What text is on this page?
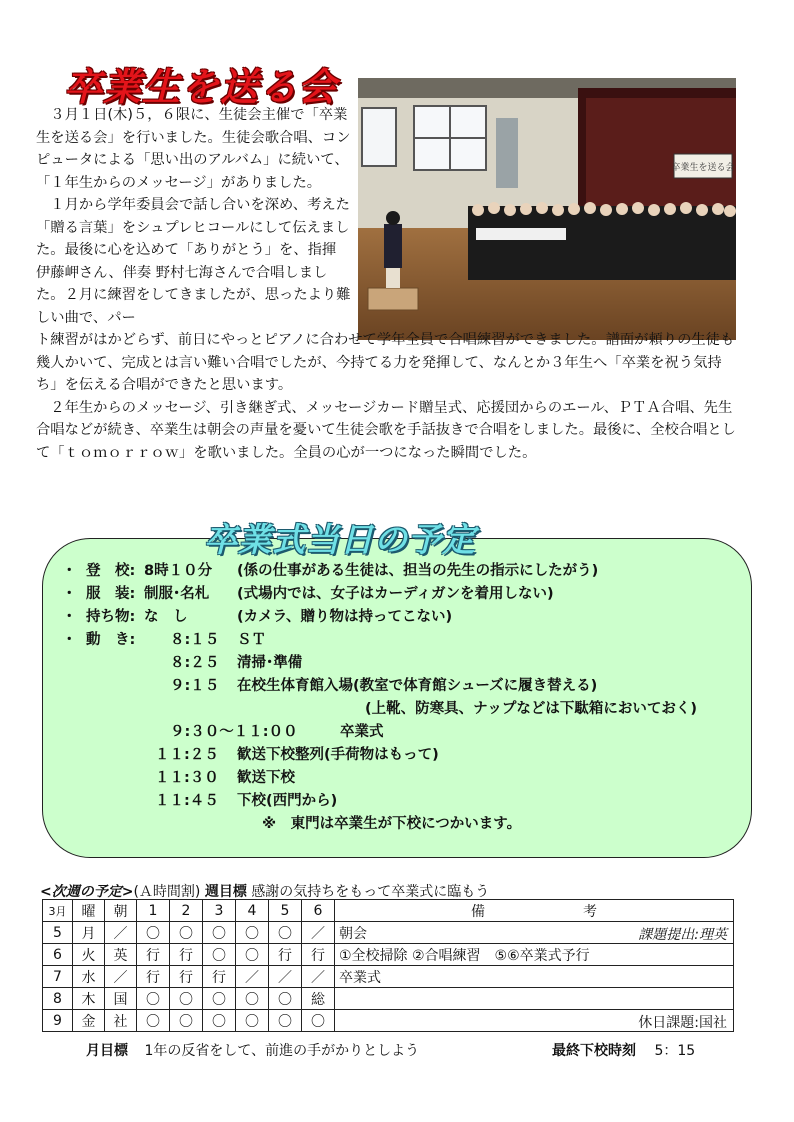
卒業生を送る会
卒業生を送る会

　３月１日(木)５，６限に、生徒会主催で「卒業生を送る会」を行いました。生徒会歌合唱、コンピュータによる「思い出のアルバム」に続いて、「１年生からのメッセージ」がありました。

　１月から学年委員会で話し合いを深め、考えた「贈る言葉」をシュプレヒコールにして伝えました。最後に心を込めて「ありがとう」を、指揮 伊藤岬さん、伴奏 野村七海さんで合唱しました。２月に練習をしてきましたが、思ったより難しい曲で、パー

ト練習がはかどらず、前日にやっとピアノに合わせて学年全員で合唱練習ができました。譜面が頼りの生徒も幾人かいて、完成とは言い難い合唱でしたが、今持てる力を発揮して、なんとか３年生へ「卒業を祝う気持ち」を伝える合唱ができたと思います。

　２年生からのメッセージ、引き継ぎ式、メッセージカード贈呈式、応援団からのエール、ＰＴＡ合唱、先生合唱などが続き、卒業生は朝会の声量を憂いて生徒会歌を手話抜きで合唱をしました。最後に、全校合唱として「ｔｏｍｏｒｒｏｗ」を歌いました。全員の心が一つになった瞬間でした。

卒業式当日の予定
・ 登　校: 8時１０分 (係の仕事がある生徒は、担当の先生の指示にしたがう)
・ 服　装: 制服･名札 (式場内では、女子はカーディガンを着用しない)
・ 持ち物: な　し	(カメラ、贈り物は持ってこない)
・ 動　き: ８:１５ ＳＴ
８:２５ 清掃･準備
９:１５ 在校生体育館入場(教室で体育館シューズに履き替える)
(上靴、防寒具、ナップなどは下駄箱においておく)
９:３０～１１:００	卒業式
１１:２５ 歓送下校整列(手荷物はもって)
１１:３０ 歓送下校
１１:４５ 下校(西門から)
※　東門は卒業生が下校につかいます。
<次週の予定>(Ａ時間割) 週目標 感謝の気持ちをもって卒業式に臨もう
3月	曜	朝	1	2	3	4	5	6	備　　　　　　　考
5	月	／	〇	〇	〇	〇	〇	／	朝会 課題提出:理英

6	火	英	行	行	〇	〇	行	行	①全校掃除 ②合唱練習　⑤⑥卒業式予行

7	水	／	行	行	行	／	／	／	卒業式

8	木	国	〇	〇	〇	〇	〇	総	

9	金	社	〇	〇	〇	〇	〇	〇	休日課題:国社
月目標 1年の反省をして、前進の手がかりとしよう	最終下校時刻 5：15
